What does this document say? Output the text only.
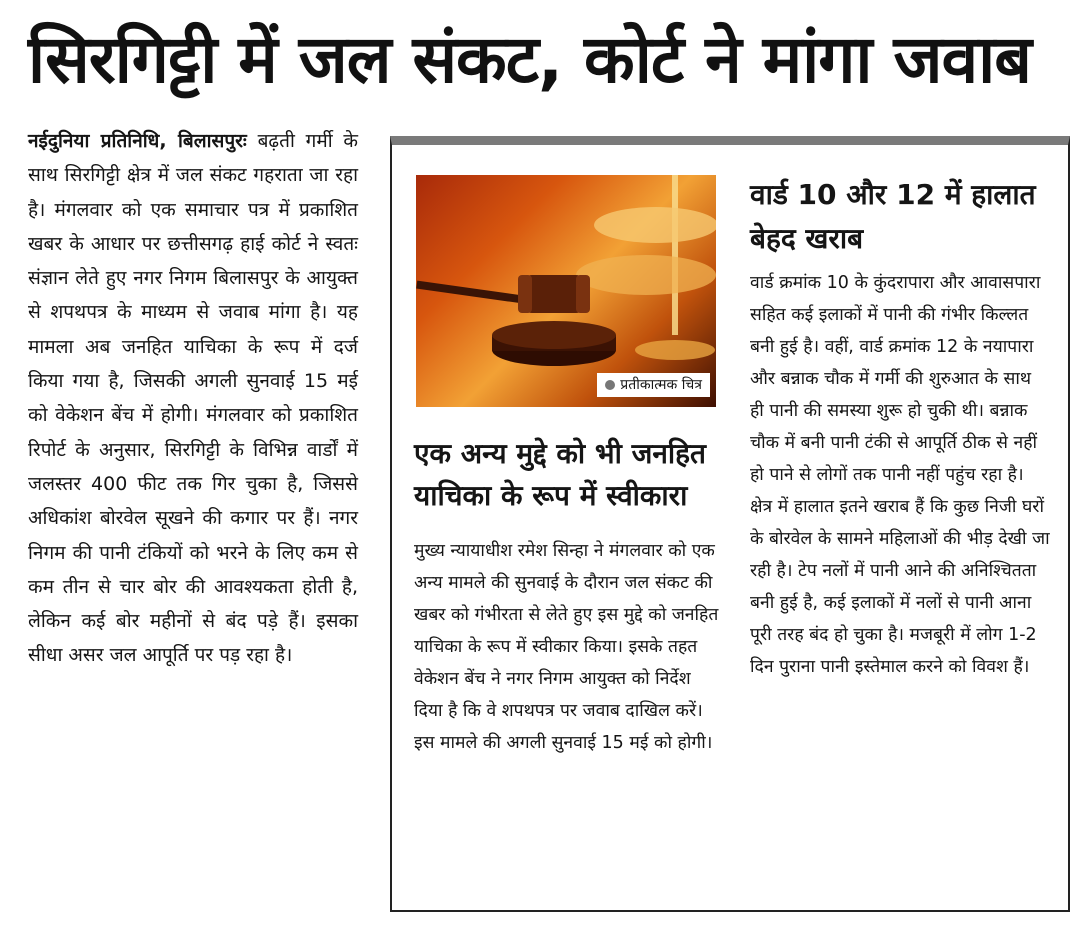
सिरगिट्टी में जल संकट, कोर्ट ने मांगा जवाब

नईदुनिया प्रतिनिधि, बिलासपुरः बढ़ती गर्मी के साथ सिरगिट्टी क्षेत्र में जल संकट गहराता जा रहा है। मंगलवार को एक समाचार पत्र में प्रकाशित खबर के आधार पर छत्तीसगढ़ हाई कोर्ट ने स्वतः संज्ञान लेते हुए नगर निगम बिलासपुर के आयुक्त से शपथपत्र के माध्यम से जवाब मांगा है। यह मामला अब जनहित याचिका के रूप में दर्ज किया गया है, जिसकी अगली सुनवाई 15 मई को वेकेशन बेंच में होगी। मंगलवार को प्रकाशित रिपोर्ट के अनुसार, सिरगिट्टी के विभिन्न वार्डों में जलस्तर 400 फीट तक गिर चुका है, जिससे अधिकांश बोरवेल सूखने की कगार पर हैं। नगर निगम की पानी टंकियों को भरने के लिए कम से कम तीन से चार बोर की आवश्यकता होती है, लेकिन कई बोर महीनों से बंद पड़े हैं। इसका सीधा असर जल आपूर्ति पर पड़ रहा है।

प्रतीकात्मक चित्र
एक अन्य मुद्दे को भी जनहित याचिका के रूप में स्वीकारा

मुख्य न्यायाधीश रमेश सिन्हा ने मंगलवार को एक अन्य मामले की सुनवाई के दौरान जल संकट की खबर को गंभीरता से लेते हुए इस मुद्दे को जनहित याचिका के रूप में स्वीकार किया। इसके तहत वेकेशन बेंच ने नगर निगम आयुक्त को निर्देश दिया है कि वे शपथपत्र पर जवाब दाखिल करें। इस मामले की अगली सुनवाई 15 मई को होगी।

वार्ड 10 और 12 में हालात बेहद खराब

वार्ड क्रमांक 10 के कुंदरापारा और आवासपारा सहित कई इलाकों में पानी की गंभीर किल्लत बनी हुई है। वहीं, वार्ड क्रमांक 12 के नयापारा और बन्नाक चौक में गर्मी की शुरुआत के साथ ही पानी की समस्या शुरू हो चुकी थी। बन्नाक चौक में बनी पानी टंकी से आपूर्ति ठीक से नहीं हो पाने से लोगों तक पानी नहीं पहुंच रहा है। क्षेत्र में हालात इतने खराब हैं कि कुछ निजी घरों के बोरवेल के सामने महिलाओं की भीड़ देखी जा रही है। टेप नलों में पानी आने की अनिश्चितता बनी हुई है, कई इलाकों में नलों से पानी आना पूरी तरह बंद हो चुका है। मजबूरी में लोग 1-2 दिन पुराना पानी इस्तेमाल करने को विवश हैं।
